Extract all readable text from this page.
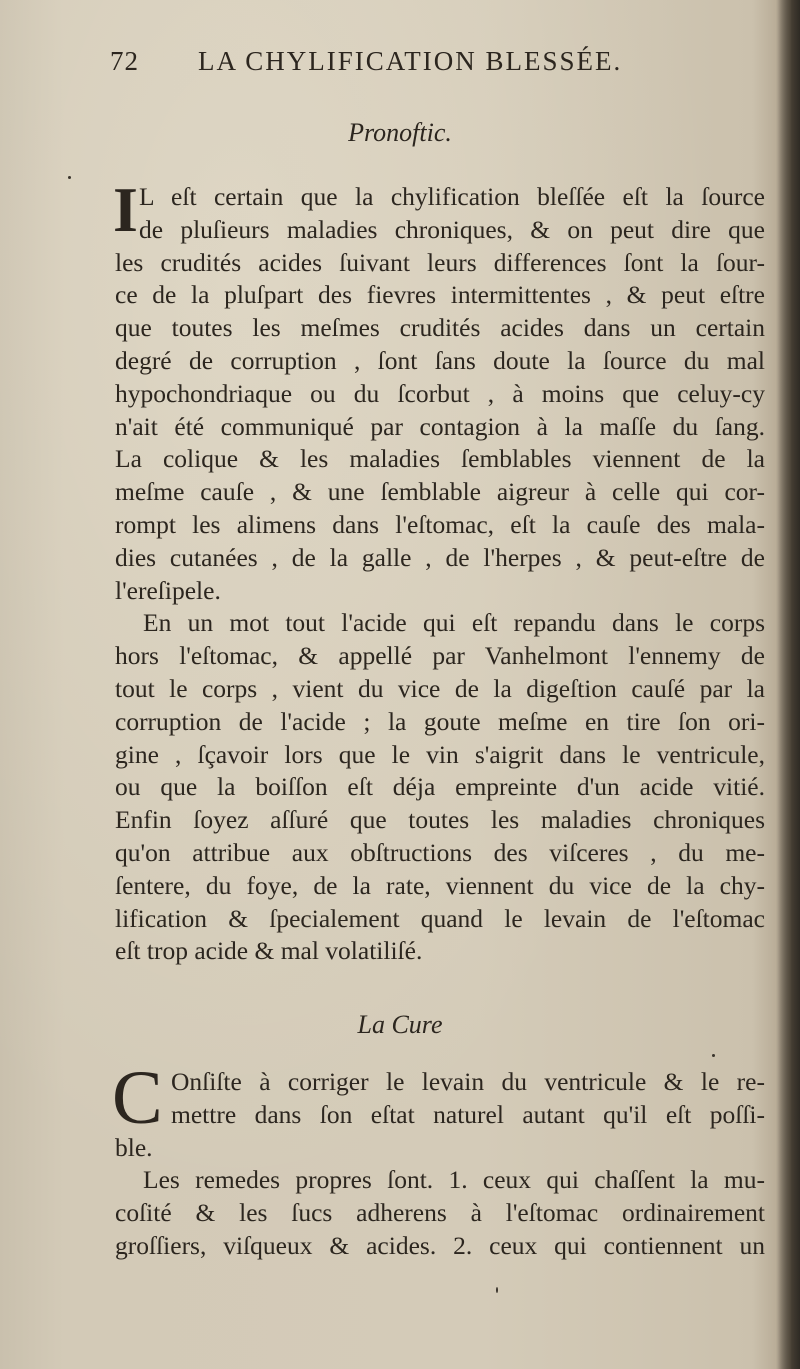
72 LA CHYLIFICATION BLESSÉE.
Pronoftic.
I L eſt certain que la chylification bleſſée eſt la ſource
de pluſieurs maladies chroniques, & on peut dire que
les crudités acides ſuivant leurs differences ſont la ſour-
ce de la pluſpart des fievres intermittentes , & peut eſtre
que toutes les meſmes crudités acides dans un certain
degré de corruption , ſont ſans doute la ſource du mal
hypochondriaque ou du ſcorbut , à moins que celuy-cy
n'ait été communiqué par contagion à la maſſe du ſang.
La colique & les maladies ſemblables viennent de la
meſme cauſe , & une ſemblable aigreur à celle qui cor-
rompt les alimens dans l'eſtomac, eſt la cauſe des mala-
dies cutanées , de la galle , de l'herpes , & peut-eſtre de
l'ereſipele.
En un mot tout l'acide qui eſt repandu dans le corps
hors l'eſtomac, & appellé par Vanhelmont l'ennemy de
tout le corps , vient du vice de la digeſtion cauſé par la
corruption de l'acide ; la goute meſme en tire ſon ori-
gine , ſçavoir lors que le vin s'aigrit dans le ventricule,
ou que la boiſſon eſt déja empreinte d'un acide vitié.
Enfin ſoyez aſſuré que toutes les maladies chroniques
qu'on attribue aux obſtructions des viſceres , du me-
ſentere, du foye, de la rate, viennent du vice de la chy-
lification & ſpecialement quand le levain de l'eſtomac
eſt trop acide & mal volatiliſé.
La Cure
C Onſiſte à corriger le levain du ventricule & le re-
mettre dans ſon eſtat naturel autant qu'il eſt poſſi-
ble.
Les remedes propres ſont. 1. ceux qui chaſſent la mu-
coſité & les ſucs adherens à l'eſtomac ordinairement
groſſiers, viſqueux & acides. 2. ceux qui contiennent un
